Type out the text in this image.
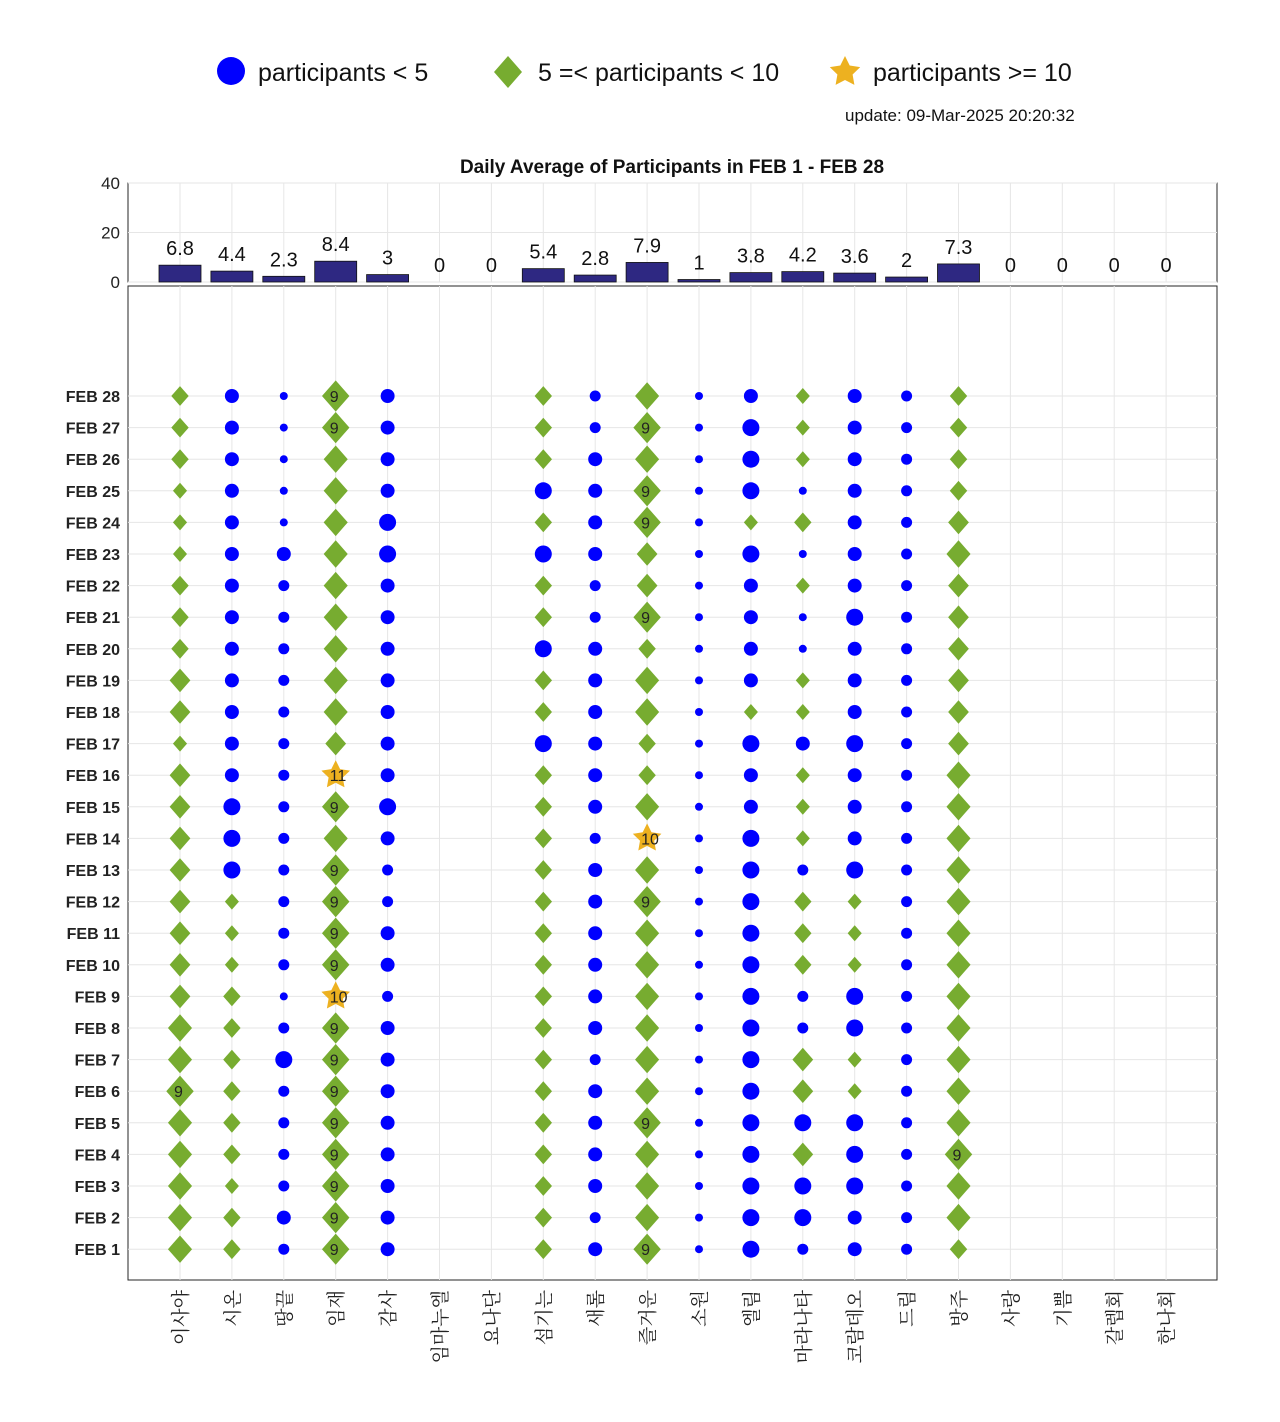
participants < 5	5 =< participants < 10	participants >= 10
update: 09-Mar-2025 20:20:32
Daily Average of Participants in FEB 1 - FEB 28
0
20
40
6.8 4.4 2.3
8.4
3 0 0
5.4 2.8
7.9
1 3.8 4.2 3.6 2
7.3
0 0 0 0
FEB 1
FEB 2
FEB 3
FEB 4
FEB 5
FEB 6
FEB 7
FEB 8
FEB 9
FEB 10
FEB 11
FEB 12
FEB 13
FEB 14
FEB 15
FEB 16
FEB 17
FEB 18
FEB 19
FEB 20
FEB 21
FEB 22
FEB 23
FEB 24
FEB 25
FEB 26
FEB 27
FEB 28
이사야 시온 땅끝 임재 감사 임마누엘 요나단 섬기는 새롬 즐거운 소원 엘림 마라나타 코람데오 드림 방주 사랑 기쁨 갈렙회 한나회
9
9
9
9
9
9
9
9
9
10
9
9
9
9
9
11
9
9
9
9
9
10
9
9
9
9
9
